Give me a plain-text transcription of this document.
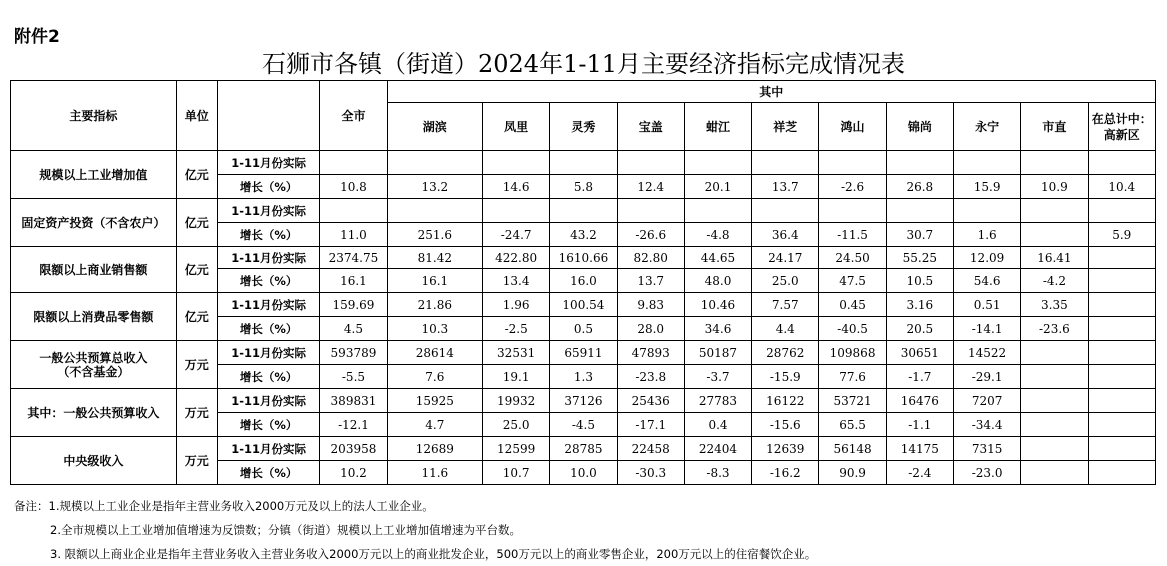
附件2
石狮市各镇（街道）2024年1-11月主要经济指标完成情况表
主要指标	单位		全市	其中										
				湖滨	凤里	灵秀	宝盖	蚶江	祥芝	鸿山	锦尚	永宁	市直	在总计中：高新区
规模以上工业增加值	亿元	1-11月份实际												
		增长（%）	10.8	13.2	14.6	5.8	12.4	20.1	13.7	-2.6	26.8	15.9	10.9	10.4
固定资产投资（不含农户）	亿元	1-11月份实际												
		增长（%）	11.0	251.6	-24.7	43.2	-26.6	-4.8	36.4	-11.5	30.7	1.6		5.9
限额以上商业销售额	亿元	1-11月份实际	2374.75	81.42	422.80	1610.66	82.80	44.65	24.17	24.50	55.25	12.09	16.41	
		增长（%）	16.1	16.1	13.4	16.0	13.7	48.0	25.0	47.5	10.5	54.6	-4.2	
限额以上消费品零售额	亿元	1-11月份实际	159.69	21.86	1.96	100.54	9.83	10.46	7.57	0.45	3.16	0.51	3.35	
		增长（%）	4.5	10.3	-2.5	0.5	28.0	34.6	4.4	-40.5	20.5	-14.1	-23.6	
一般公共预算总收入（不含基金）	万元	1-11月份实际	593789	28614	32531	65911	47893	50187	28762	109868	30651	14522		
		增长（%）	-5.5	7.6	19.1	1.3	-23.8	-3.7	-15.9	77.6	-1.7	-29.1		
其中：一般公共预算收入	万元	1-11月份实际	389831	15925	19932	37126	25436	27783	16122	53721	16476	7207		
		增长（%）	-12.1	4.7	25.0	-4.5	-17.1	0.4	-15.6	65.5	-1.1	-34.4		
中央级收入	万元	1-11月份实际	203958	12689	12599	28785	22458	22404	12639	56148	14175	7315		
		增长（%）	10.2	11.6	10.7	10.0	-30.3	-8.3	-16.2	90.9	-2.4	-23.0		
备注：1.规模以上工业企业是指年主营业务收入2000万元及以上的法人工业企业。
2.全市规模以上工业增加值增速为反馈数；分镇（街道）规模以上工业增加值增速为平台数。
3. 限额以上商业企业是指年主营业务收入主营业务收入2000万元以上的商业批发企业，500万元以上的商业零售企业，200万元以上的住宿餐饮企业。
